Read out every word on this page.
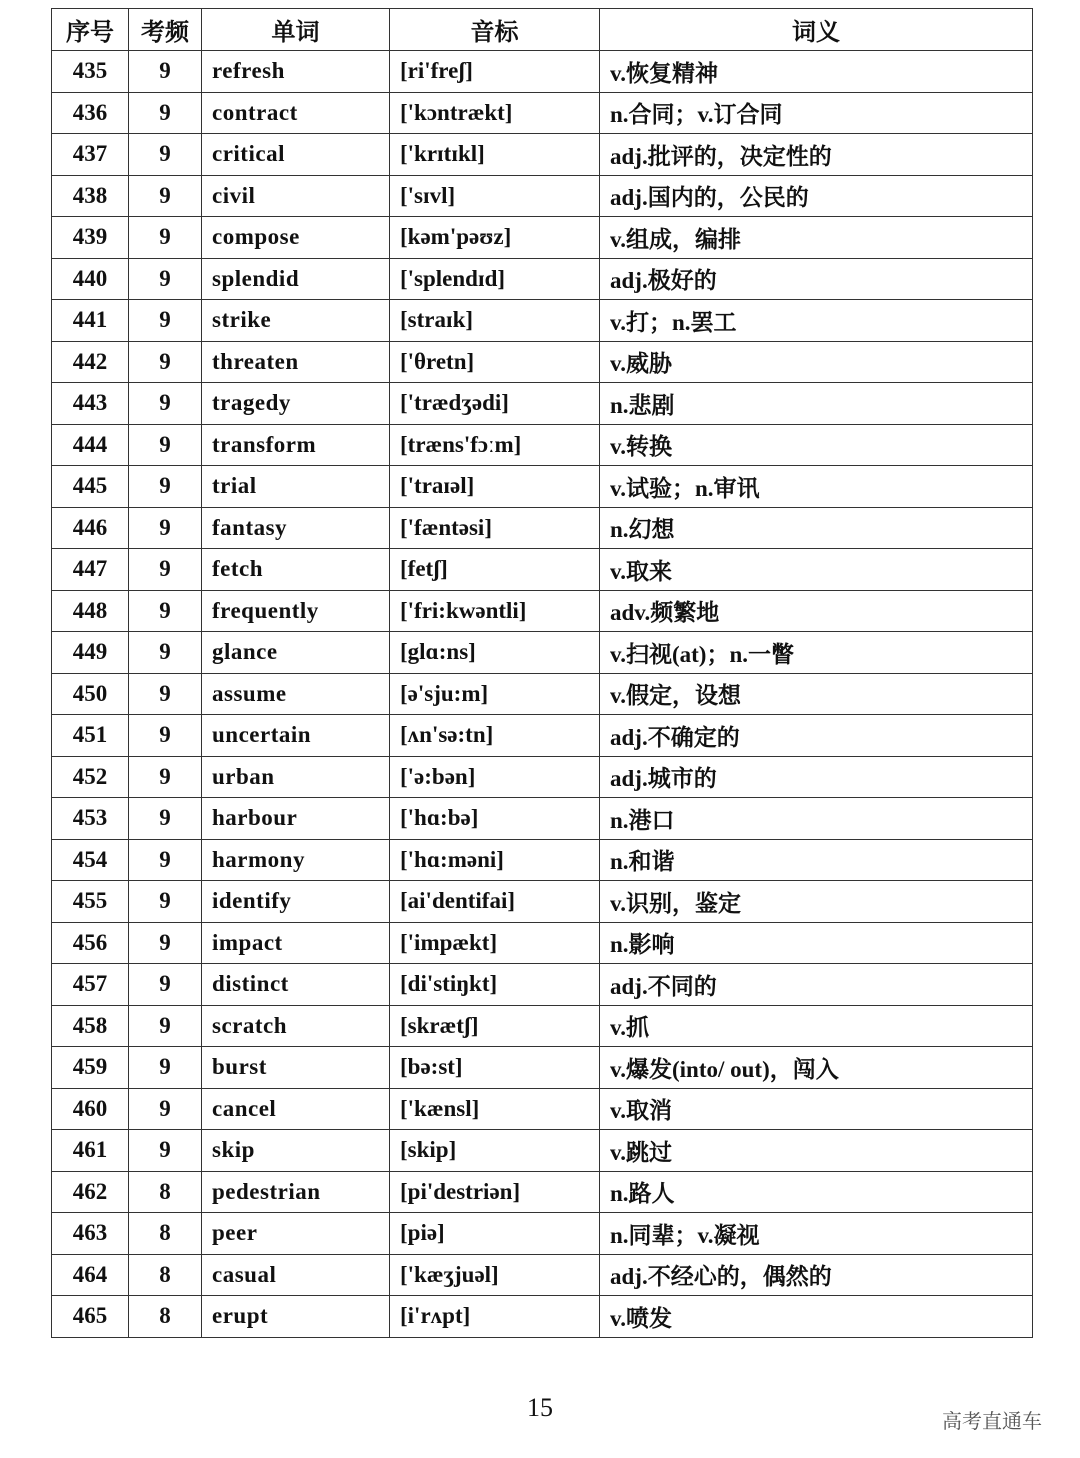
序号	考频	单词	音标	词义
435	9	refresh	[ri'freʃ]	v.恢复精神
436	9	contract	['kɔntrækt]	n.合同；v.订合同
437	9	critical	['krɪtɪkl]	adj.批评的，决定性的
438	9	civil	['sɪvl]	adj.国内的，公民的
439	9	compose	[kəm'pəʊz]	v.组成，编排
440	9	splendid	['splendɪd]	adj.极好的
441	9	strike	[straɪk]	v.打；n.罢工
442	9	threaten	['θretn]	v.威胁
443	9	tragedy	['trædʒədi]	n.悲剧
444	9	transform	[træns'fɔːm]	v.转换
445	9	trial	['traɪəl]	v.试验；n.审讯
446	9	fantasy	['fæntəsi]	n.幻想
447	9	fetch	[fetʃ]	v.取来
448	9	frequently	['fri:kwəntli]	adv.频繁地
449	9	glance	[glɑ:ns]	v.扫视(at)；n.一瞥
450	9	assume	[ə'sju:m]	v.假定，设想
451	9	uncertain	[ʌn'sə:tn]	adj.不确定的
452	9	urban	['ə:bən]	adj.城市的
453	9	harbour	['hɑ:bə]	n.港口
454	9	harmony	['hɑ:məni]	n.和谐
455	9	identify	[ai'dentifai]	v.识别，鉴定
456	9	impact	['impækt]	n.影响
457	9	distinct	[di'stiŋkt]	adj.不同的
458	9	scratch	[skrætʃ]	v.抓
459	9	burst	[bə:st]	v.爆发(into/ out)，闯入
460	9	cancel	['kænsl]	v.取消
461	9	skip	[skip]	v.跳过
462	8	pedestrian	[pi'destriən]	n.路人
463	8	peer	[piə]	n.同辈；v.凝视
464	8	casual	['kæʒjuəl]	adj.不经心的，偶然的
465	8	erupt	[i'rʌpt]	v.喷发
15	高考直通车
